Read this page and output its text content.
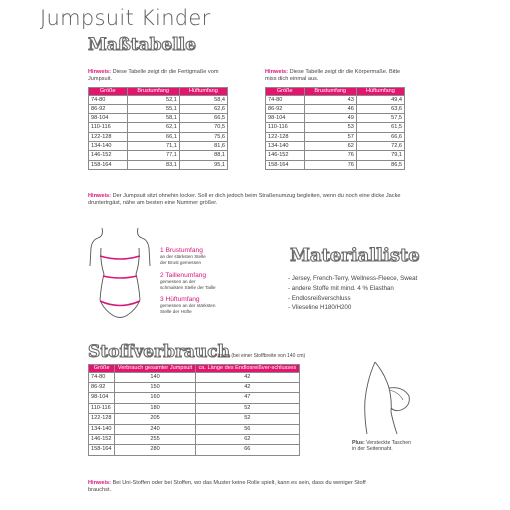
Jumpsuit Kinder
Maßtabelle
Hinweis: Diese Tabelle zeigt dir die Fertigmaße vom Jumpsuit.
Größe	Brustumfang	Hüftumfang
74-80	52,1	58,4
86-92	55,1	62,6
98-104	58,1	66,5
110-116	62,1	70,5
122-128	66,1	75,6
134-140	71,1	81,6
146-152	77,1	88,1
158-164	83,1	95,1
Hinweis: Diese Tabelle zeigt dir die Körpermaße. Bitte miss dich einmal aus.
Größe	Brustumfang	Hüftumfang
74-80	43	49,4
86-92	46	63,6
98-104	49	57,5
110-116	53	61,5
122-128	57	66,6
134-140	62	72,6
146-152	76	79,1
158-164	76	86,5
Hinweis: Der Jumpsuit sitzt ohnehin locker. Soll er dich jedoch beim Straßenumzug begleiten, wenn du noch eine dicke Jacke druntertrgäst, nähe am besten eine Nummer größer.
1 Brustumfang
an der stärksten Stelle
der Brust gemessen
2 Taillenumfang
gemessen an der
schmalsten Stelle der Taille
3 Hüftumfang
gemessen an der stärksten
Stelle der Hüfte
Materialliste
- Jersey, French-Terry, Wellness-Fleece, Sweat
- andere Stoffe mit mind. 4 % Elasthan
- Endlosreißverschluss
- Vlieseline H180/H200
Stoffverbrauch
in cm (bei einer Stoffbreite von 140 cm)
Größe	Verbrauch gesamter Jumpsuit	ca. Länge des Endlosreißver-schlusses
74-80	140	42
86-92	150	42
98-104	160	47
110-116	180	52
122-128	205	52
134-140	240	56
146-152	255	62
158-164	280	66
Hinweis: Bei Uni-Stoffen oder bei Stoffen, wo das Muster keine Rolle spielt, kann es sein, dass du weniger Stoff brauchst.
Plus: Versteckte Taschen
in der Seitennaht.
